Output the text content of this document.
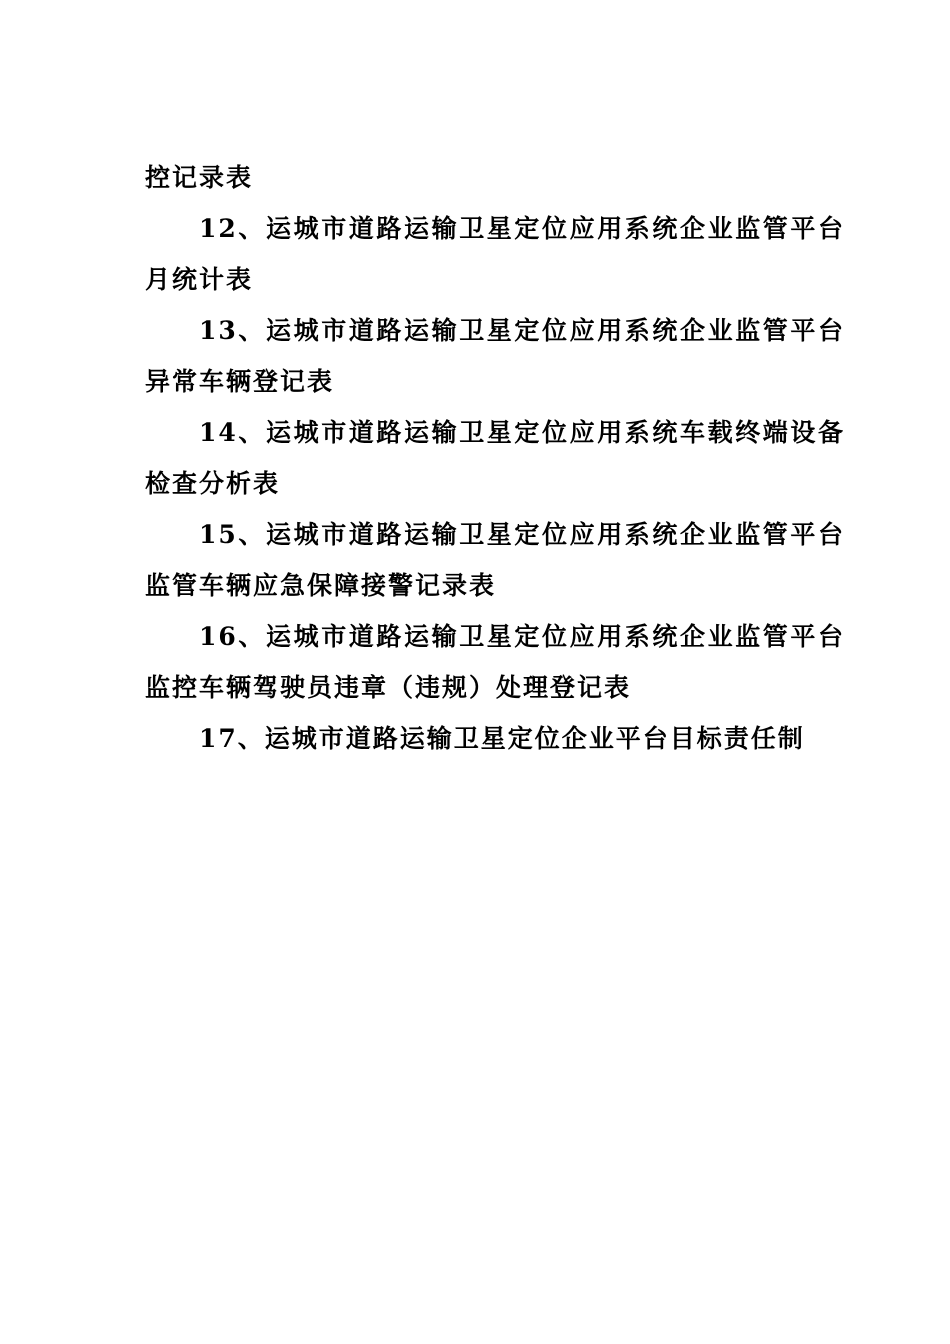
控记录表

12、运城市道路运输卫星定位应用系统企业监管平台月统计表

13、运城市道路运输卫星定位应用系统企业监管平台异常车辆登记表

14、运城市道路运输卫星定位应用系统车载终端设备检查分析表

15、运城市道路运输卫星定位应用系统企业监管平台监管车辆应急保障接警记录表

16、运城市道路运输卫星定位应用系统企业监管平台监控车辆驾驶员违章（违规）处理登记表

17、运城市道路运输卫星定位企业平台目标责任制
